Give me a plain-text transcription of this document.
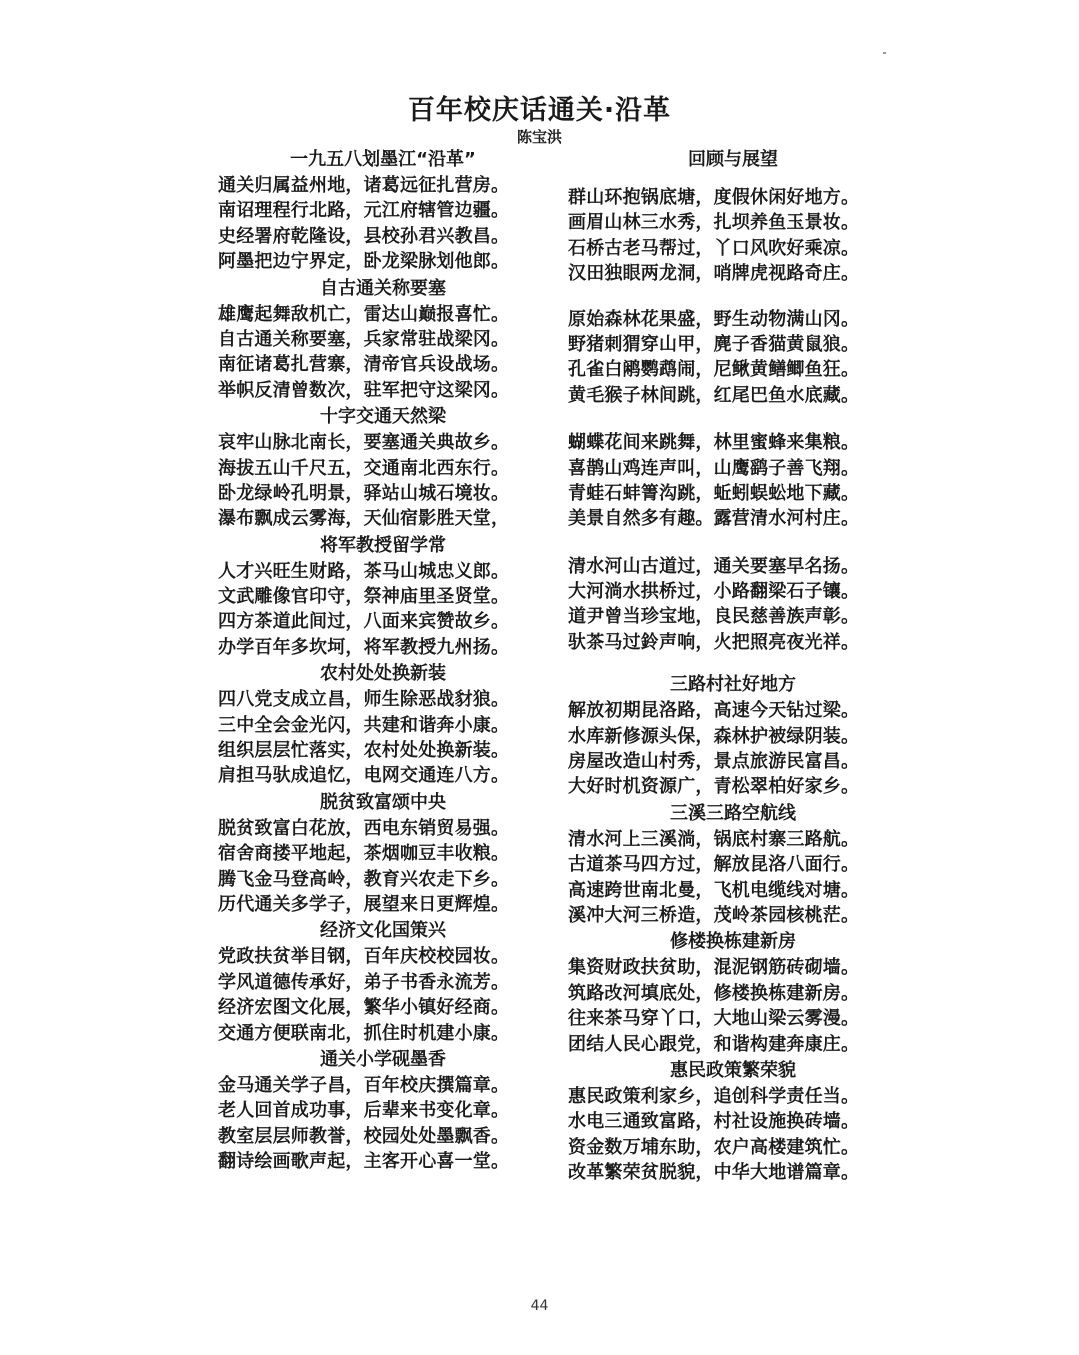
百年校庆话通关·沿革
陈宝洪
一九五八划墨江“沿革”
通关归属益州地，诸葛远征扎营房。
南诏理程行北路，元江府辖管边疆。
史经署府乾隆设，县校孙君兴教昌。
阿墨把边宁界定，卧龙梁脉划他郎。
自古通关称要塞
雄鹰起舞敌机亡，雷达山巅报喜忙。
自古通关称要塞，兵家常驻战梁冈。
南征诸葛扎营寨，清帝官兵设战场。
举帜反清曾数次，驻军把守这梁冈。
十字交通天然梁
哀牢山脉北南长，要塞通关典故乡。
海拔五山千尺五，交通南北西东行。
卧龙绿岭孔明景，驿站山城石境妆。
瀑布飘成云雾海，天仙宿影胜天堂，
将军教授留学常
人才兴旺生财路，茶马山城忠义郎。
文武雕像官印守，祭神庙里圣贤堂。
四方茶道此间过，八面来宾赞故乡。
办学百年多坎坷，将军教授九州扬。
农村处处换新装
四八党支成立昌，师生除恶战豺狼。
三中全会金光闪，共建和谐奔小康。
组织层层忙落实，农村处处换新装。
肩担马驮成追忆，电网交通连八方。
脱贫致富颂中央
脱贫致富白花放，西电东销贸易强。
宿舍商搂平地起，茶烟咖豆丰收粮。
腾飞金马登高岭，教育兴农走下乡。
历代通关多学子，展望来日更辉煌。
经济文化国策兴
党政扶贫举目钢，百年庆校校园妆。
学风道德传承好，弟子书香永流芳。
经济宏图文化展，繁华小镇好经商。
交通方便联南北，抓住时机建小康。
通关小学砚墨香
金马通关学子昌，百年校庆撰篇章。
老人回首成功事，后辈来书变化章。
教室层层师教誉，校园处处墨飘香。
翻诗绘画歌声起，主客开心喜一堂。
回顾与展望
群山环抱锅底塘，度假休闲好地方。
画眉山林三水秀，扎坝养鱼玉景妆。
石桥古老马帮过，丫口风吹好乘凉。
汉田独眼两龙洞，哨牌虎视路奇庄。
原始森林花果盛，野生动物满山冈。
野猪刺猬穿山甲，麂子香猫黄鼠狼。
孔雀白鹇鹦鹉闹，尼鳅黄鳝鲫鱼狂。
黄毛猴子林间跳，红尾巴鱼水底藏。
蝴蝶花间来跳舞，林里蜜蜂来集粮。
喜鹊山鸡连声叫，山鹰鹞子善飞翔。
青蛙石蚌箐沟跳，蚯蚓蜈蚣地下藏。
美景自然多有趣。露营清水河村庄。
清水河山古道过，通关要塞早名扬。
大河淌水拱桥过，小路翻梁石子镶。
道尹曾当珍宝地，良民慈善族声彰。
驮茶马过鈴声响，火把照亮夜光祥。
三路村社好地方
解放初期昆洛路，高速今天钻过梁。
水库新修源头保，森林护被绿阴装。
房屋改造山村秀，景点旅游民富昌。
大好时机资源广，青松翠柏好家乡。
三溪三路空航线
清水河上三溪淌，锅底村寨三路航。
古道茶马四方过，解放昆洛八面行。
高速跨世南北曼，飞机电缆线对塘。
溪冲大河三桥造，茂岭茶园核桃茫。
修楼换栋建新房
集资财政扶贫助，混泥钢筋砖砌墙。
筑路改河填底处，修楼换栋建新房。
往来茶马穿丫口，大地山梁云雾漫。
团结人民心跟党，和谐构建奔康庄。
惠民政策繁荣貌
惠民政策利家乡，追创科学责任当。
水电三通致富路，村社设施换砖墙。
资金数万埔东助，农户高楼建筑忙。
改革繁荣贫脱貌，中华大地谱篇章。
44
